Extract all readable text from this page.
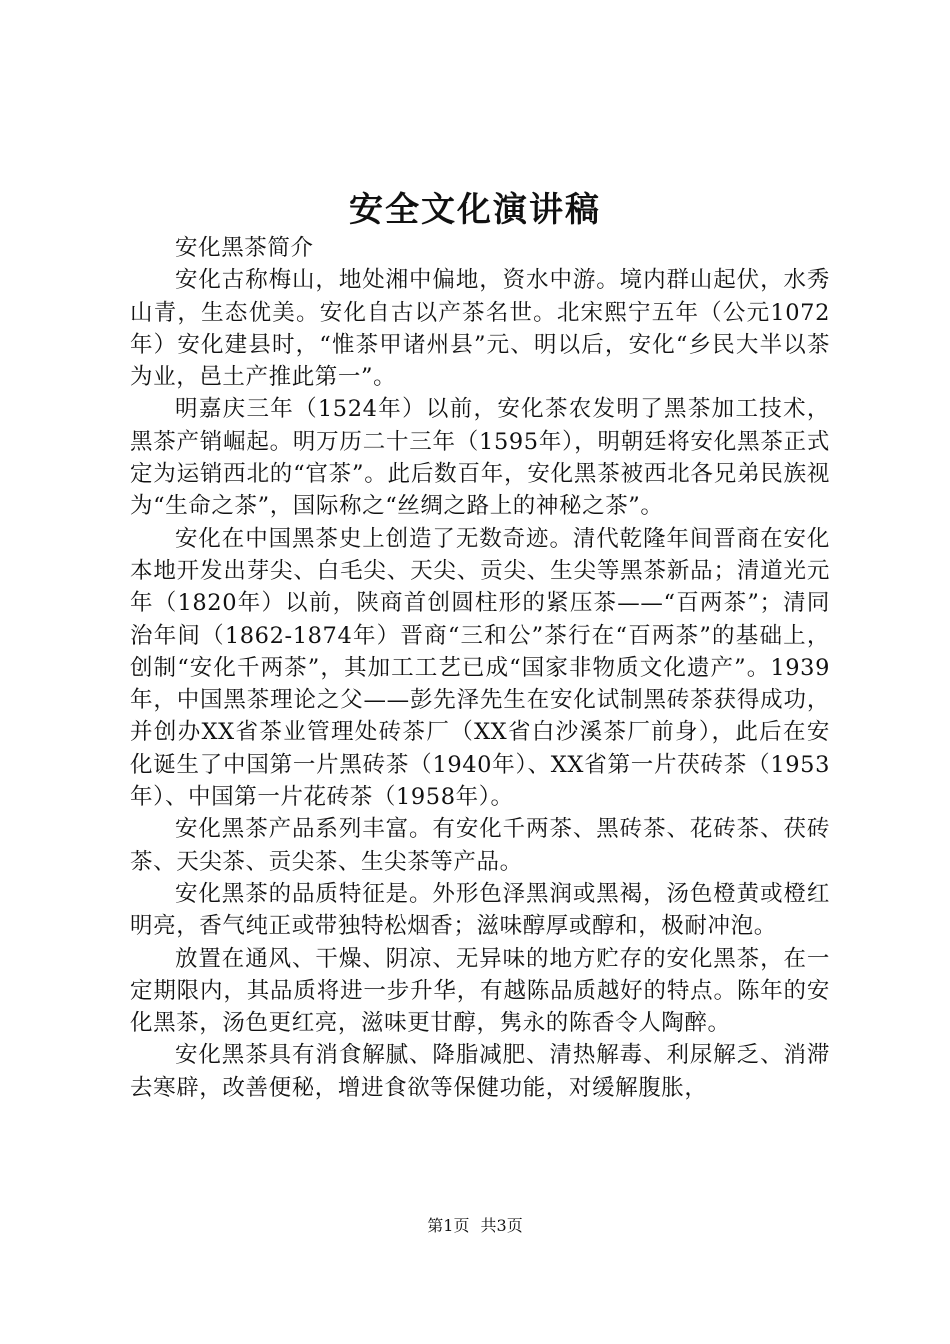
安全文化演讲稿

安化黑茶简介

安化古称梅山，地处湘中偏地，资水中游。境内群山起伏，水秀山青，生态优美。安化自古以产茶名世。北宋熙宁五年（公元1072年）安化建县时，“惟茶甲诸州县”元、明以后，安化“乡民大半以茶为业，邑土产推此第一”。

明嘉庆三年（1524年）以前，安化茶农发明了黑茶加工技术，黑茶产销崛起。明万历二十三年（1595年），明朝廷将安化黑茶正式定为运销西北的“官茶”。此后数百年，安化黑茶被西北各兄弟民族视为“生命之茶”，国际称之“丝绸之路上的神秘之茶”。

安化在中国黑茶史上创造了无数奇迹。清代乾隆年间晋商在安化本地开发出芽尖、白毛尖、天尖、贡尖、生尖等黑茶新品；清道光元年（1820年）以前，陕商首创圆柱形的紧压茶——“百两茶”；清同治年间（1862-1874年）晋商“三和公”茶行在“百两茶”的基础上，创制“安化千两茶”，其加工工艺已成“国家非物质文化遗产”。1939年，中国黑茶理论之父——彭先泽先生在安化试制黑砖茶获得成功，并创办XX省茶业管理处砖茶厂（XX省白沙溪茶厂前身），此后在安化诞生了中国第一片黑砖茶（1940年）、XX省第一片茯砖茶（1953年）、中国第一片花砖茶（1958年）。

安化黑茶产品系列丰富。有安化千两茶、黑砖茶、花砖茶、茯砖茶、天尖茶、贡尖茶、生尖茶等产品。

安化黑茶的品质特征是。外形色泽黑润或黑褐，汤色橙黄或橙红明亮，香气纯正或带独特松烟香；滋味醇厚或醇和，极耐冲泡。

放置在通风、干燥、阴凉、无异味的地方贮存的安化黑茶，在一定期限内，其品质将进一步升华，有越陈品质越好的特点。陈年的安化黑茶，汤色更红亮，滋味更甘醇，隽永的陈香令人陶醉。

安化黑茶具有消食解腻、降脂减肥、清热解毒、利尿解乏、消滞去寒辟，改善便秘，增进食欲等保健功能，对缓解腹胀，

第1页 共3页
